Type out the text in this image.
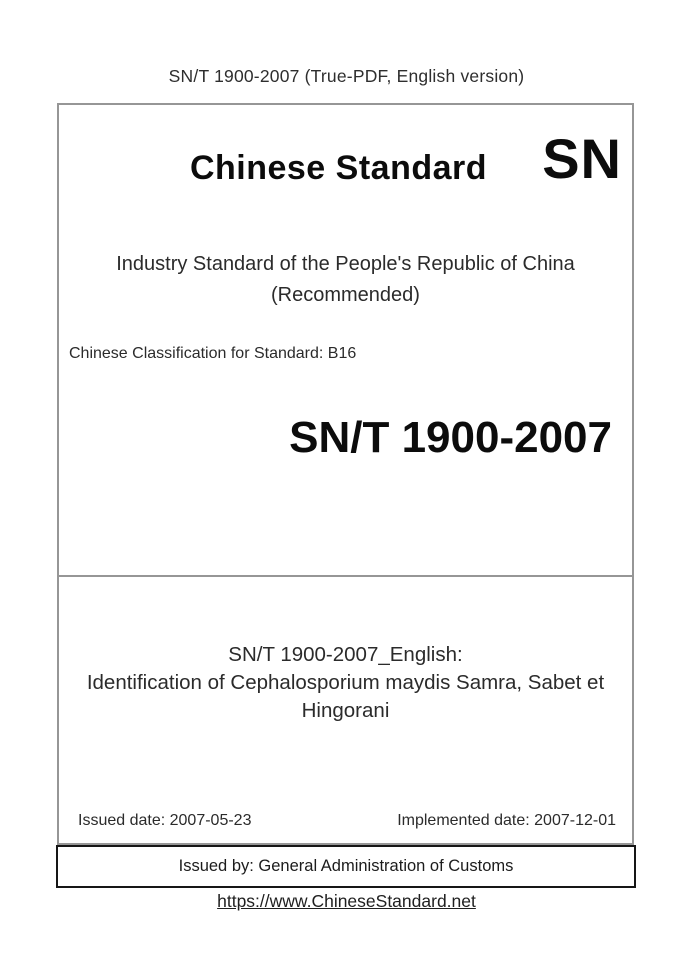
SN/T 1900-2007 (True-PDF, English version)
Chinese Standard SN
Industry Standard of the People's Republic of China
(Recommended)
Chinese Classification for Standard: B16
SN/T 1900-2007
SN/T 1900-2007_English:
Identification of Cephalosporium maydis Samra, Sabet et
Hingorani
Issued date: 2007-05-23	Implemented date: 2007-12-01
Issued by: General Administration of Customs
https://www.ChineseStandard.net
